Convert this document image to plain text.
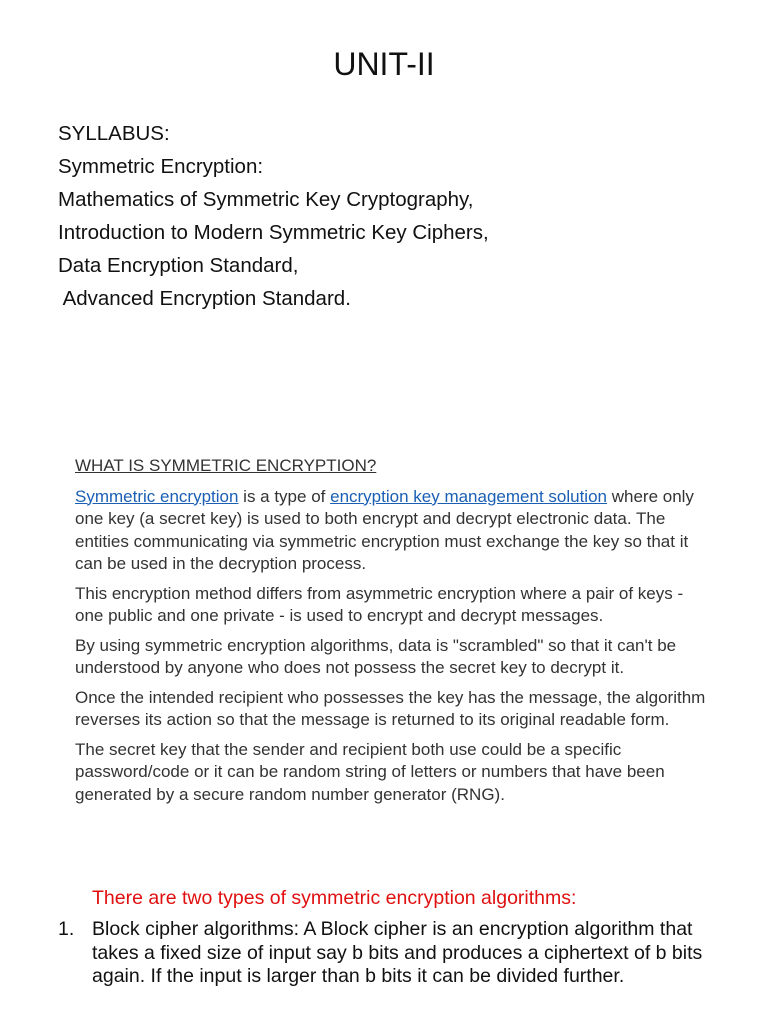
UNIT-II
SYLLABUS:
Symmetric Encryption:
Mathematics of Symmetric Key Cryptography,
Introduction to Modern Symmetric Key Ciphers,
Data Encryption Standard,
Advanced Encryption Standard.
WHAT IS SYMMETRIC ENCRYPTION?

Symmetric encryption is a type of encryption key management solution where only one key (a secret key) is used to both encrypt and decrypt electronic data. The entities communicating via symmetric encryption must exchange the key so that it can be used in the decryption process.

This encryption method differs from asymmetric encryption where a pair of keys - one public and one private - is used to encrypt and decrypt messages.

By using symmetric encryption algorithms, data is "scrambled" so that it can't be understood by anyone who does not possess the secret key to decrypt it.

Once the intended recipient who possesses the key has the message, the algorithm reverses its action so that the message is returned to its original readable form.

The secret key that the sender and recipient both use could be a specific password/code or it can be random string of letters or numbers that have been generated by a secure random number generator (RNG).

There are two types of symmetric encryption algorithms:
1. Block cipher algorithms: A Block cipher is an encryption algorithm that takes a fixed size of input say b bits and produces a ciphertext of b bits again. If the input is larger than b bits it can be divided further.
